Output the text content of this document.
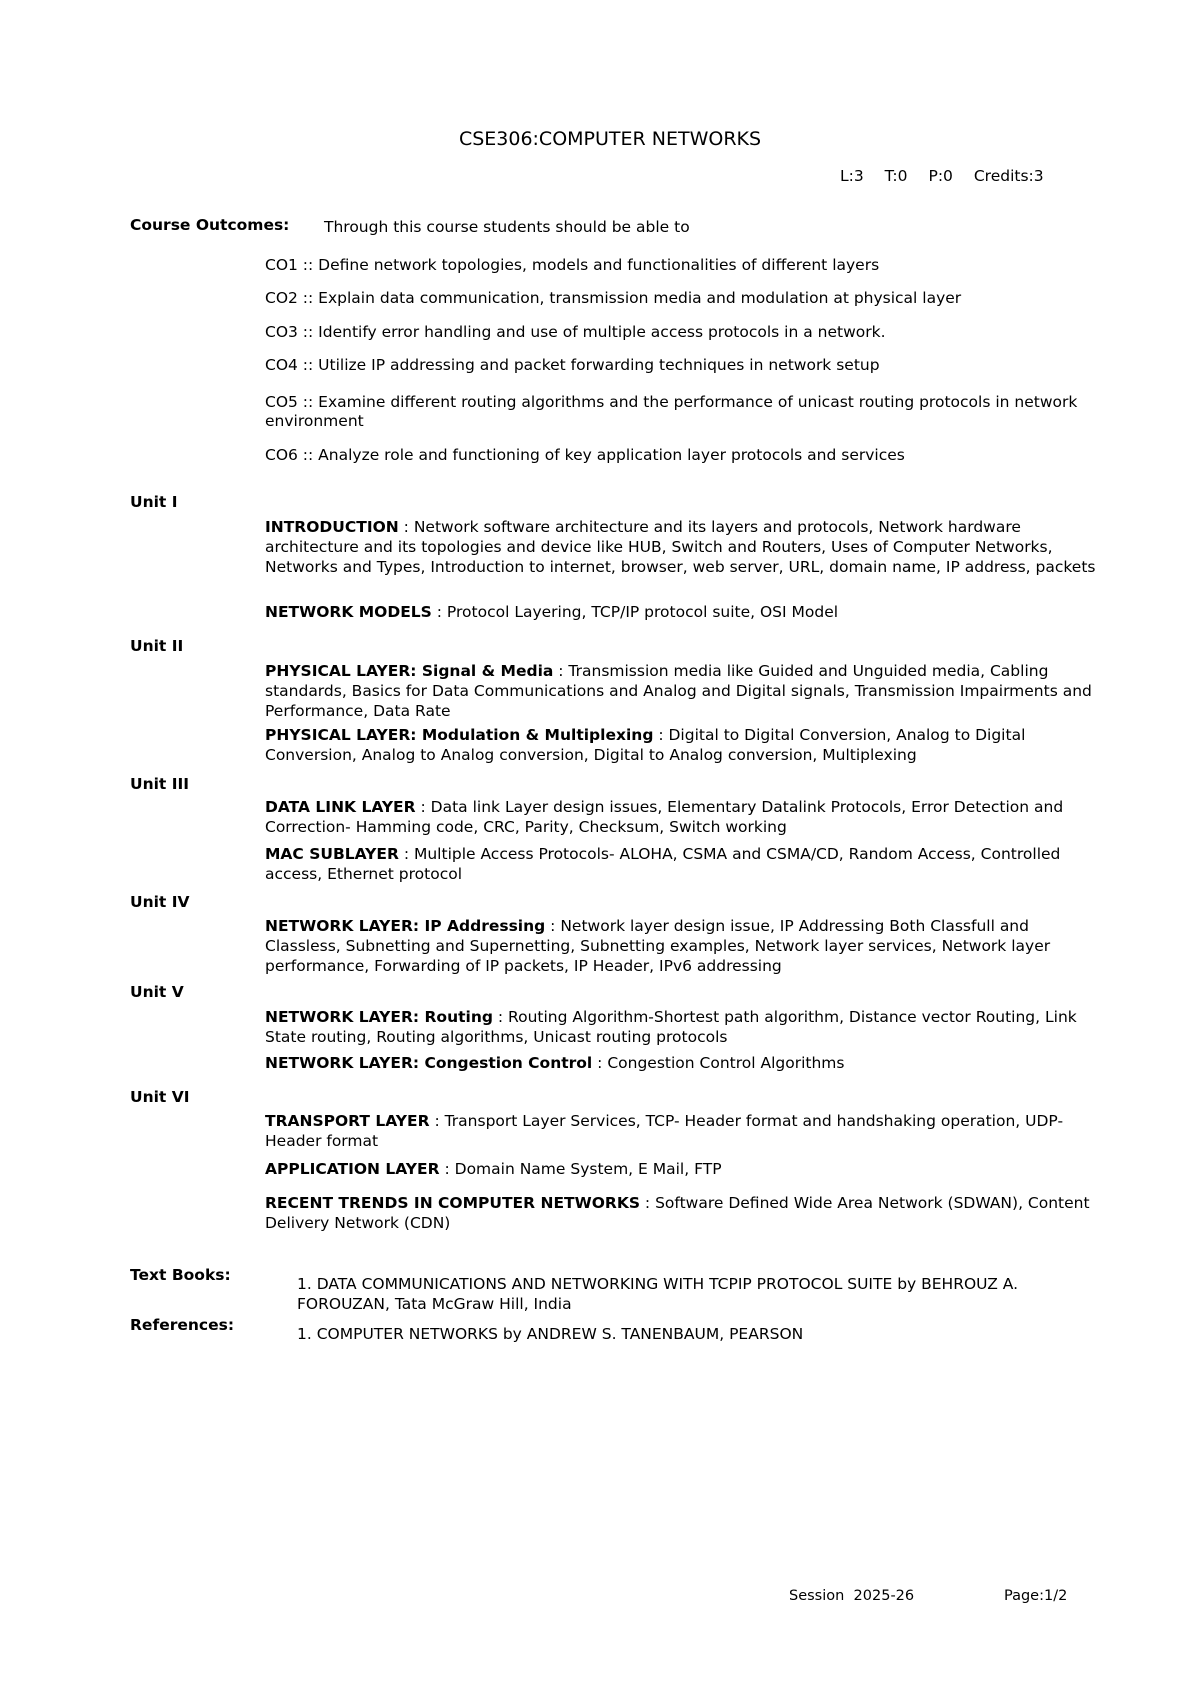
CSE306:COMPUTER NETWORKS
L:3 T:0 P:0 Credits:3
Course Outcomes: Through this course students should be able to
CO1 :: Define network topologies, models and functionalities of different layers
CO2 :: Explain data communication, transmission media and modulation at physical layer
CO3 :: Identify error handling and use of multiple access protocols in a network.
CO4 :: Utilize IP addressing and packet forwarding techniques in network setup
CO5 :: Examine different routing algorithms and the performance of unicast routing protocols in network environment
CO6 :: Analyze role and functioning of key application layer protocols and services
Unit I
INTRODUCTION : Network software architecture and its layers and protocols, Network hardware architecture and its topologies and device like HUB, Switch and Routers, Uses of Computer Networks, Networks and Types, Introduction to internet, browser, web server, URL, domain name, IP address, packets
NETWORK MODELS : Protocol Layering, TCP/IP protocol suite, OSI Model
Unit II
PHYSICAL LAYER: Signal & Media : Transmission media like Guided and Unguided media, Cabling standards, Basics for Data Communications and Analog and Digital signals, Transmission Impairments and Performance, Data Rate
PHYSICAL LAYER: Modulation & Multiplexing : Digital to Digital Conversion, Analog to Digital Conversion, Analog to Analog conversion, Digital to Analog conversion, Multiplexing
Unit III
DATA LINK LAYER : Data link Layer design issues, Elementary Datalink Protocols, Error Detection and Correction- Hamming code, CRC, Parity, Checksum, Switch working
MAC SUBLAYER : Multiple Access Protocols- ALOHA, CSMA and CSMA/CD, Random Access, Controlled access, Ethernet protocol
Unit IV
NETWORK LAYER: IP Addressing : Network layer design issue, IP Addressing Both Classfull and Classless, Subnetting and Supernetting, Subnetting examples, Network layer services, Network layer performance, Forwarding of IP packets, IP Header, IPv6 addressing
Unit V
NETWORK LAYER: Routing : Routing Algorithm-Shortest path algorithm, Distance vector Routing, Link State routing, Routing algorithms, Unicast routing protocols
NETWORK LAYER: Congestion Control : Congestion Control Algorithms
Unit VI
TRANSPORT LAYER : Transport Layer Services, TCP- Header format and handshaking operation, UDP- Header format
APPLICATION LAYER : Domain Name System, E Mail, FTP
RECENT TRENDS IN COMPUTER NETWORKS : Software Defined Wide Area Network (SDWAN), Content Delivery Network (CDN)
Text Books:	1. DATA COMMUNICATIONS AND NETWORKING WITH TCPIP PROTOCOL SUITE by BEHROUZ A. FOROUZAN, Tata McGraw Hill, India
References:	1. COMPUTER NETWORKS by ANDREW S. TANENBAUM, PEARSON
Session  2025-26	Page:1/2
